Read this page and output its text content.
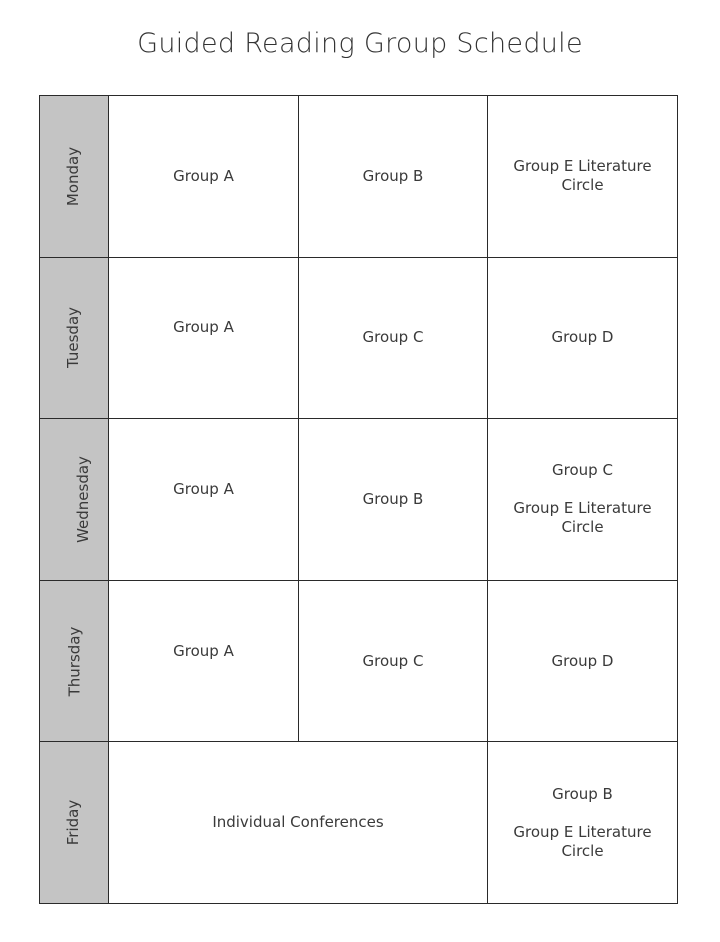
Guided Reading Group Schedule
Monday	Group A	Group B	Group E Literature Circle

Tuesday	Group A	Group C	Group D

Wednesday	Group A	Group B	Group C
Group E Literature Circle

Thursday	Group A	Group C	Group D

Friday	Individual Conferences		Group B
Group E Literature Circle
